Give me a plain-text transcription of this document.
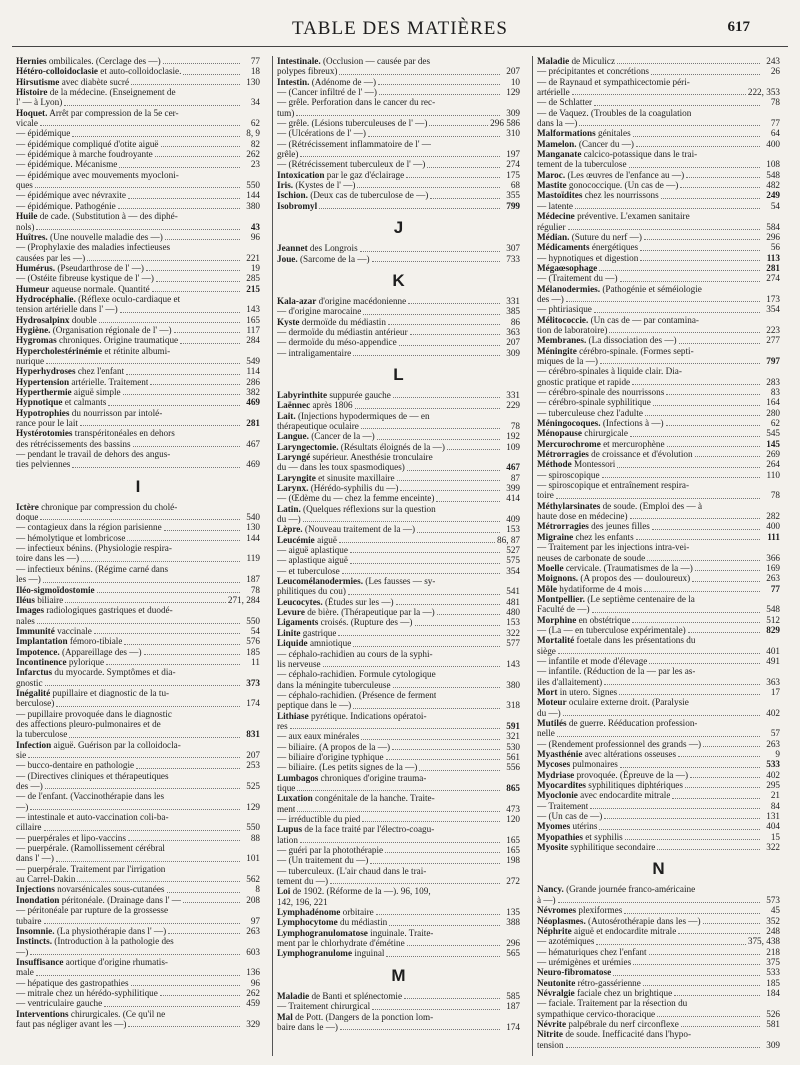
TABLE DES MATIÈRES	617
Hernies ombilicales. (Cerclage des —)	77
Hétéro-colloidoclasie et auto-colloidoclasie.	18
Hirsutisme avec diabète sucré	130
Histoire de la médecine. (Enseignement de
l' — à Lyon)	34
Hoquet. Arrêt par compression de la 5e cer-
vicale	62
— épidémique	8, 9
— épidémique compliqué d'otite aiguë	82
— épidémique à marche foudroyante	262
— épidémique. Mécanisme	23
— épidémique avec mouvements myocloni-
ques	550
— épidémique avec névraxite	144
— épidémique. Pathogénie	380
Huile de cade. (Substitution à — des diphé-
nols)	43
Huîtres. (Une nouvelle maladie des —)	96
— (Prophylaxie des maladies infectieuses
causées par les —)	221
Humérus. (Pseudarthrose de l' —)	19
— (Ostéite fibreuse kystique de l' —)	285
Humeur aqueuse normale. Quantité	215
Hydrocéphalie. (Réflexe oculo-cardiaque et
tension artérielle dans l' —)	143
Hydrosalpinx double	165
Hygiène. (Organisation régionale de l' —)	117
Hygromas chroniques. Origine traumatique	284
Hypercholestérinémie et rétinite albumi-
nurique	549
Hyperhydroses chez l'enfant	114
Hypertension artérielle. Traitement	286
Hyperthermie aiguë simple	382
Hypnotique et calmants	469
Hypotrophies du nourrisson par intolé-
rance pour le lait	281
Hystérotomies transpéritonéales en dehors
des rétrécissements des bassins	467
— pendant le travail de dehors des angus-
ties pelviennes	469
I
Ictère chronique par compression du cholé-
doque	540
— contagieux dans la région parisienne	130
— hémolytique et lombricose	144
— infectieux bénins. (Physiologie respira-
toire dans les —)	119
— infectieux bénins. (Régime carné dans
les —)	187
Iléo-sigmoïdostomie	78
Iléus biliaire	271, 284
Images radiologiques gastriques et duodé-
nales	550
Immunité vaccinale	54
Implantation fémoro-tibiale	576
Impotence. (Appareillage des —)	185
Incontinence pylorique	11
Infarctus du myocarde. Symptômes et dia-
gnostic	373
Inégalité pupillaire et diagnostic de la tu-
berculose)	174
— pupillaire provoquée dans le diagnostic
des affections pleuro-pulmonaires et de
la tuberculose	831
Infection aiguë. Guérison par la colloidocla-
sie	207
— bucco-dentaire en pathologie	253
— (Directives cliniques et thérapeutiques
des —)	525
— de l'enfant. (Vaccinothérapie dans les
—)	129
— intestinale et auto-vaccination coli-ba-
cillaire	550
— puerpérales et lipo-vaccins	88
— puerpérale. (Ramollissement cérébral
dans l' —)	101
— puerpérale. Traitement par l'irrigation
au Carrel-Dakin	562
Injections novarsénicales sous-cutanées	8
Inondation péritonéale. (Drainage dans l' —	208
— péritonéale par rupture de la grossesse
tubaire	97
Insomnie. (La physiothérapie dans l' —)	263
Instincts. (Introduction à la pathologie des
—)	603
Insuffisance aortique d'origine rhumatis-
male	136
— hépatique des gastropathies	96
— mitrale chez un hérédo-syphilitique	262
— ventriculaire gauche	459
Interventions chirurgicales. (Ce qu'il ne
faut pas négliger avant les —)	329
Intestinale. (Occlusion — causée par des
polypes fibreux)	207
Intestin. (Adénome de —)	10
— (Cancer infiltré de l' —)	129
— grêle. Perforation dans le cancer du rec-
tum)	309
— grêle. (Lésions tuberculeuses de l' —)	296 586
— (Ulcérations de l' —)	310
— (Rétrécissement inflammatoire de l' —
grêle)	197
— (Rétrécissement tuberculeux de l' —)	274
Intoxication par le gaz d'éclairage	175
Iris. (Kystes de l' —)	68
Ischion. (Deux cas de tuberculose de —)	355
Isobromyl	799
J
Jeannet des Longrois	307
Joue. (Sarcome de la —)	733
K
Kala-azar d'origine macédonienne	331
— d'origine marocaine	385
Kyste dermoïde du médiastin	86
— dermoïde du médiastin antérieur	363
— dermoïde du méso-appendice	207
— intraligamentaire	309
L
Labyrinthite suppurée gauche	331
Laënnec après 1806	229
Lait. (Injections hypodermiques de — en
thérapeutique oculaire	78
Langue. (Cancer de la —)	192
Laryngectomie. (Résultats éloignés de la —)	109
Laryngé supérieur. Anesthésie tronculaire
du — dans les toux spasmodiques)	467
Laryngite et sinusite maxillaire	87
Larynx. (Hérédo-syphilis du —)	399
— (Œdème du — chez la femme enceinte)	414
Latin. (Quelques réflexions sur la question
du —)	409
Lèpre. (Nouveau traitement de la —)	153
Leucémie aiguë	86, 87
— aiguë aplastique	527
— aplastique aiguë	575
— et tuberculose	354
Leucomélanodermies. (Les fausses — sy-
philitiques du cou)	541
Leucocytes. (Études sur les —)	481
Levure de bière. (Thérapeutique par la —)	480
Ligaments croisés. (Rupture des —)	153
Linite gastrique	322
Liquide amniotique	577
— céphalo-rachidien au cours de la syphi-
lis nerveuse	143
— céphalo-rachidien. Formule cytologique
dans la méningite tuberculeuse	380
— céphalo-rachidien. (Présence de ferment
peptique dans le —)	318
Lithiase pyrétique. Indications opératoi-
res	591
— aux eaux minérales	321
— biliaire. (A propos de la —)	530
— biliaire d'origine typhique	561
— biliaire. (Les petits signes de la —)	556
Lumbagos chroniques d'origine trauma-
tique	865
Luxation congénitale de la hanche. Traite-
ment	473
— irréductible du pied	120
Lupus de la face traité par l'électro-coagu-
lation	165
— guéri par la photothérapie	165
— (Un traitement du —)	198
— tuberculeux. (L'air chaud dans le trai-
tement du —)	272
Loi de 1902. (Réforme de la —). 96, 109,
142, 196, 221
Lymphadénome orbitaire	135
Lymphocytome du médiastin	388
Lymphogranulomatose inguinale. Traite-
ment par le chlorhydrate d'émétine	296
Lymphogranulome inguinal	565
M
Maladie de Banti et splénectomie	585
— Traitement chirurgical	187
Mal de Pott. (Dangers de la ponction lom-
baire dans le —)	174
Maladie de Miculicz	243
— précipitantes et concrétions	26
— de Raynaud et sympathicectomie péri-
artérielle	222, 353
— de Schlatter	78
— de Vaquez. (Troubles de la coagulation
dans la —)	77
Malformations génitales	64
Mamelon. (Cancer du —)	400
Manganate calcico-potassique dans le trai-
tement de la tuberculose	108
Maroc. (Les œuvres de l'enfance au —)	548
Mastite gonococcique. (Un cas de —)	482
Mastoïdites chez les nourrissons	249
— latente	54
Médecine préventive. L'examen sanitaire
régulier	584
Médian. (Suture du nerf —)	296
Médicaments énergétiques	56
— hypnotiques et digestion	113
Mégaœsophage	281
— (Traitement du —)	274
Mélanodermies. (Pathogénie et séméiologie
des —)	173
— phtiriasique	354
Mélitococcie. (Un cas de — par contamina-
tion de laboratoire)	223
Membranes. (La dissociation des —)	277
Méningite cérébro-spinale. (Formes septi-
miques de la —)	797
— cérébro-spinales à liquide clair. Dia-
gnostic pratique et rapide	283
— cérébro-spinale des nourrissons	83
— cérébro-spinale syphilitique	164
— tuberculeuse chez l'adulte	280
Méningocoques. (Infections à —)	62
Ménopause chirurgicale	545
Mercurochrome et mercurophène	145
Métrorragies de croissance et d'évolution	269
Méthode Montessori	264
— spiroscopique	110
— spiroscopique et entraînement respira-
toire	78
Méthylarsinates de soude. (Emploi des — à
haute dose en médecine)	282
Métrorragies des jeunes filles	400
Migraine chez les enfants	111
— Traitement par les injections intra-vei-
neuses de carbonate de soude	366
Moelle cervicale. (Traumatismes de la —)	169
Moignons. (A propos des — douloureux)	263
Môle hydatiforme de 4 mois	77
Montpellier. (Le septième centenaire de la
Faculté de —)	548
Morphine en obstétrique	512
— (La — en tuberculose expérimentale)	829
Mortalité foetale dans les présentations du
siège	401
— infantile et mode d'élevage	491
— infantile. (Réduction de la — par les as-
iles d'allaitement)	363
Mort in utero. Signes	17
Moteur oculaire externe droit. (Paralysie
du —)	402
Mutilés de guerre. Rééducation profession-
nelle	57
— (Rendement professionnel des grands —)	263
Myasthénie avec altérations osseuses	9
Mycoses pulmonaires	533
Mydriase provoquée. (Épreuve de la —)	402
Myocardites syphilitiques diphtériques	295
Myoclonie avec endocardite mitrale	21
— Traitement	84
— (Un cas de —)	131
Myomes utérins	404
Myopathies et syphilis	15
Myosite syphilitique secondaire	322
N
Nancy. (Grande journée franco-américaine
à —)	573
Névromes plexiformes	45
Néoplasmes. (Autosérothérapie dans les —)	352
Néphrite aiguë et endocardite mitrale	248
— azotémiques	375, 438
— hématuriques chez l'enfant	218
— urémigènes et urémies	375
Neuro-fibromatose	533
Neutonite rétro-gassérienne	185
Névralgie faciale chez un brightique	184
— faciale. Traitement par la résection du
sympathique cervico-thoracique	526
Névrite palpébrale du nerf circonflexe	581
Nitrite de soude. Inefficacité dans l'hypo-
tension	309
